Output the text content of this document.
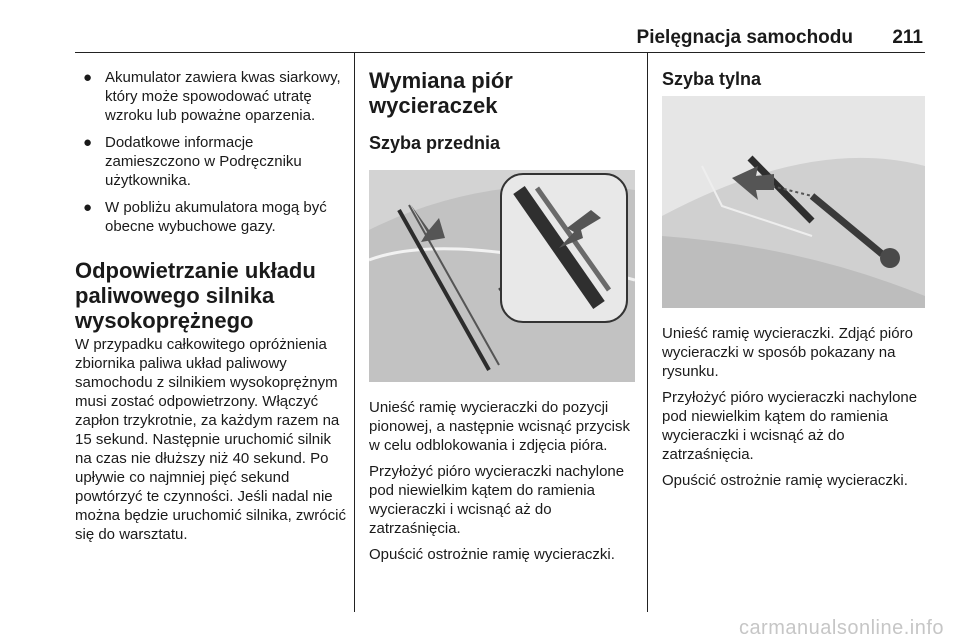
Pielęgnacja samochodu 211
● Akumulator zawiera kwas siarkowy, który może spowodować utratę wzroku lub poważne oparzenia.
● Dodatkowe informacje zamieszczono w Podręczniku użytkownika.
● W pobliżu akumulatora mogą być obecne wybuchowe gazy.
Odpowietrzanie układu paliwowego silnika wysokoprężnego

W przypadku całkowitego opróżnienia zbiornika paliwa układ paliwowy samochodu z silnikiem wysokoprężnym musi zostać odpowietrzony. Włączyć zapłon trzykrotnie, za każdym razem na 15 sekund. Następnie uruchomić silnik na czas nie dłuższy niż 40 sekund. Po upływie co najmniej pięć sekund powtórzyć te czynności. Jeśli nadal nie można będzie uruchomić silnika, zwrócić się do warsztatu.

Wymiana piór wycieraczek
Szyba przednia

Unieść ramię wycieraczki do pozycji pionowej, a następnie wcisnąć przycisk w celu odblokowania i zdjęcia pióra.

Przyłożyć pióro wycieraczki nachylone pod niewielkim kątem do ramienia wycieraczki i wcisnąć aż do zatrzaśnięcia.

Opuścić ostrożnie ramię wycieraczki.

Szyba tylna

Unieść ramię wycieraczki. Zdjąć pióro wycieraczki w sposób pokazany na rysunku.

Przyłożyć pióro wycieraczki nachylone pod niewielkim kątem do ramienia wycieraczki i wcisnąć aż do zatrzaśnięcia.

Opuścić ostrożnie ramię wycieraczki.

carmanualsonline.info
